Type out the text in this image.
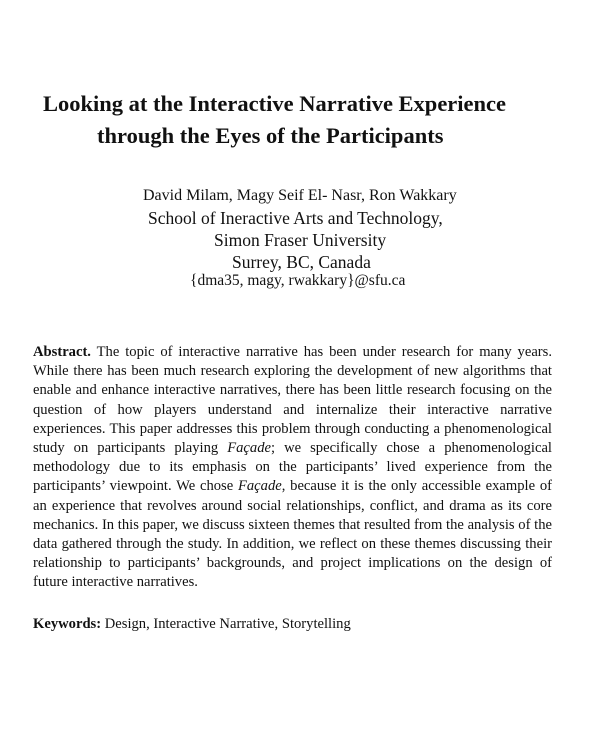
Looking at the Interactive Narrative Experience
through the Eyes of the Participants
David Milam, Magy Seif El- Nasr, Ron Wakkary
School of Ineractive Arts and Technology,
Simon Fraser University
Surrey, BC, Canada
{dma35, magy, rwakkary}@sfu.ca

Abstract. The topic of interactive narrative has been under research for many years. While there has been much research exploring the development of new algorithms that enable and enhance interactive narratives, there has been little research focusing on the question of how players understand and internalize their interactive narrative experiences. This paper addresses this problem through conducting a phenomenological study on participants playing Façade; we specifically chose a phenomenological methodology due to its emphasis on the participants’ lived experience from the participants’ viewpoint. We chose Façade, because it is the only accessible example of an experience that revolves around social relationships, conflict, and drama as its core mechanics. In this paper, we discuss sixteen themes that resulted from the analysis of the data gathered through the study. In addition, we reflect on these themes discussing their relationship to participants’ backgrounds, and project implications on the design of future interactive narratives.

Keywords: Design, Interactive Narrative, Storytelling
